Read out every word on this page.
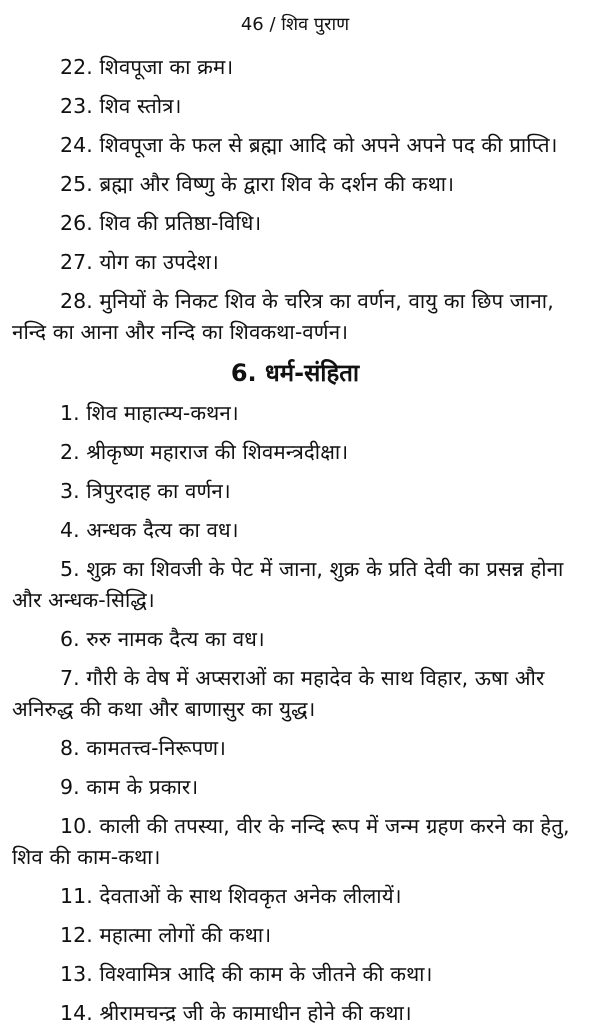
46 / शिव पुराण
22. शिवपूजा का क्रम।
23. शिव स्तोत्र।
24. शिवपूजा के फल से ब्रह्मा आदि को अपने अपने पद की प्राप्ति।
25. ब्रह्मा और विष्णु के द्वारा शिव के दर्शन की कथा।
26. शिव की प्रतिष्ठा-विधि।
27. योग का उपदेश।
28. मुनियों के निकट शिव के चरित्र का वर्णन, वायु का छिप जाना, नन्दि का आना और नन्दि का शिवकथा-वर्णन।
6. धर्म-संहिता
1. शिव माहात्म्य-कथन।
2. श्रीकृष्ण महाराज की शिवमन्त्रदीक्षा।
3. त्रिपुरदाह का वर्णन।
4. अन्धक दैत्य का वध।
5. शुक्र का शिवजी के पेट में जाना, शुक्र के प्रति देवी का प्रसन्न होना और अन्धक-सिद्धि।
6. रुरु नामक दैत्य का वध।
7. गौरी के वेष में अप्सराओं का महादेव के साथ विहार, ऊषा और अनिरुद्ध की कथा और बाणासुर का युद्ध।
8. कामतत्त्व-निरूपण।
9. काम के प्रकार।
10. काली की तपस्या, वीर के नन्दि रूप में जन्म ग्रहण करने का हेतु, शिव की काम-कथा।
11. देवताओं के साथ शिवकृत अनेक लीलायें।
12. महात्मा लोगों की कथा।
13. विश्वामित्र आदि की काम के जीतने की कथा।
14. श्रीरामचन्द्र जी के कामाधीन होने की कथा।
